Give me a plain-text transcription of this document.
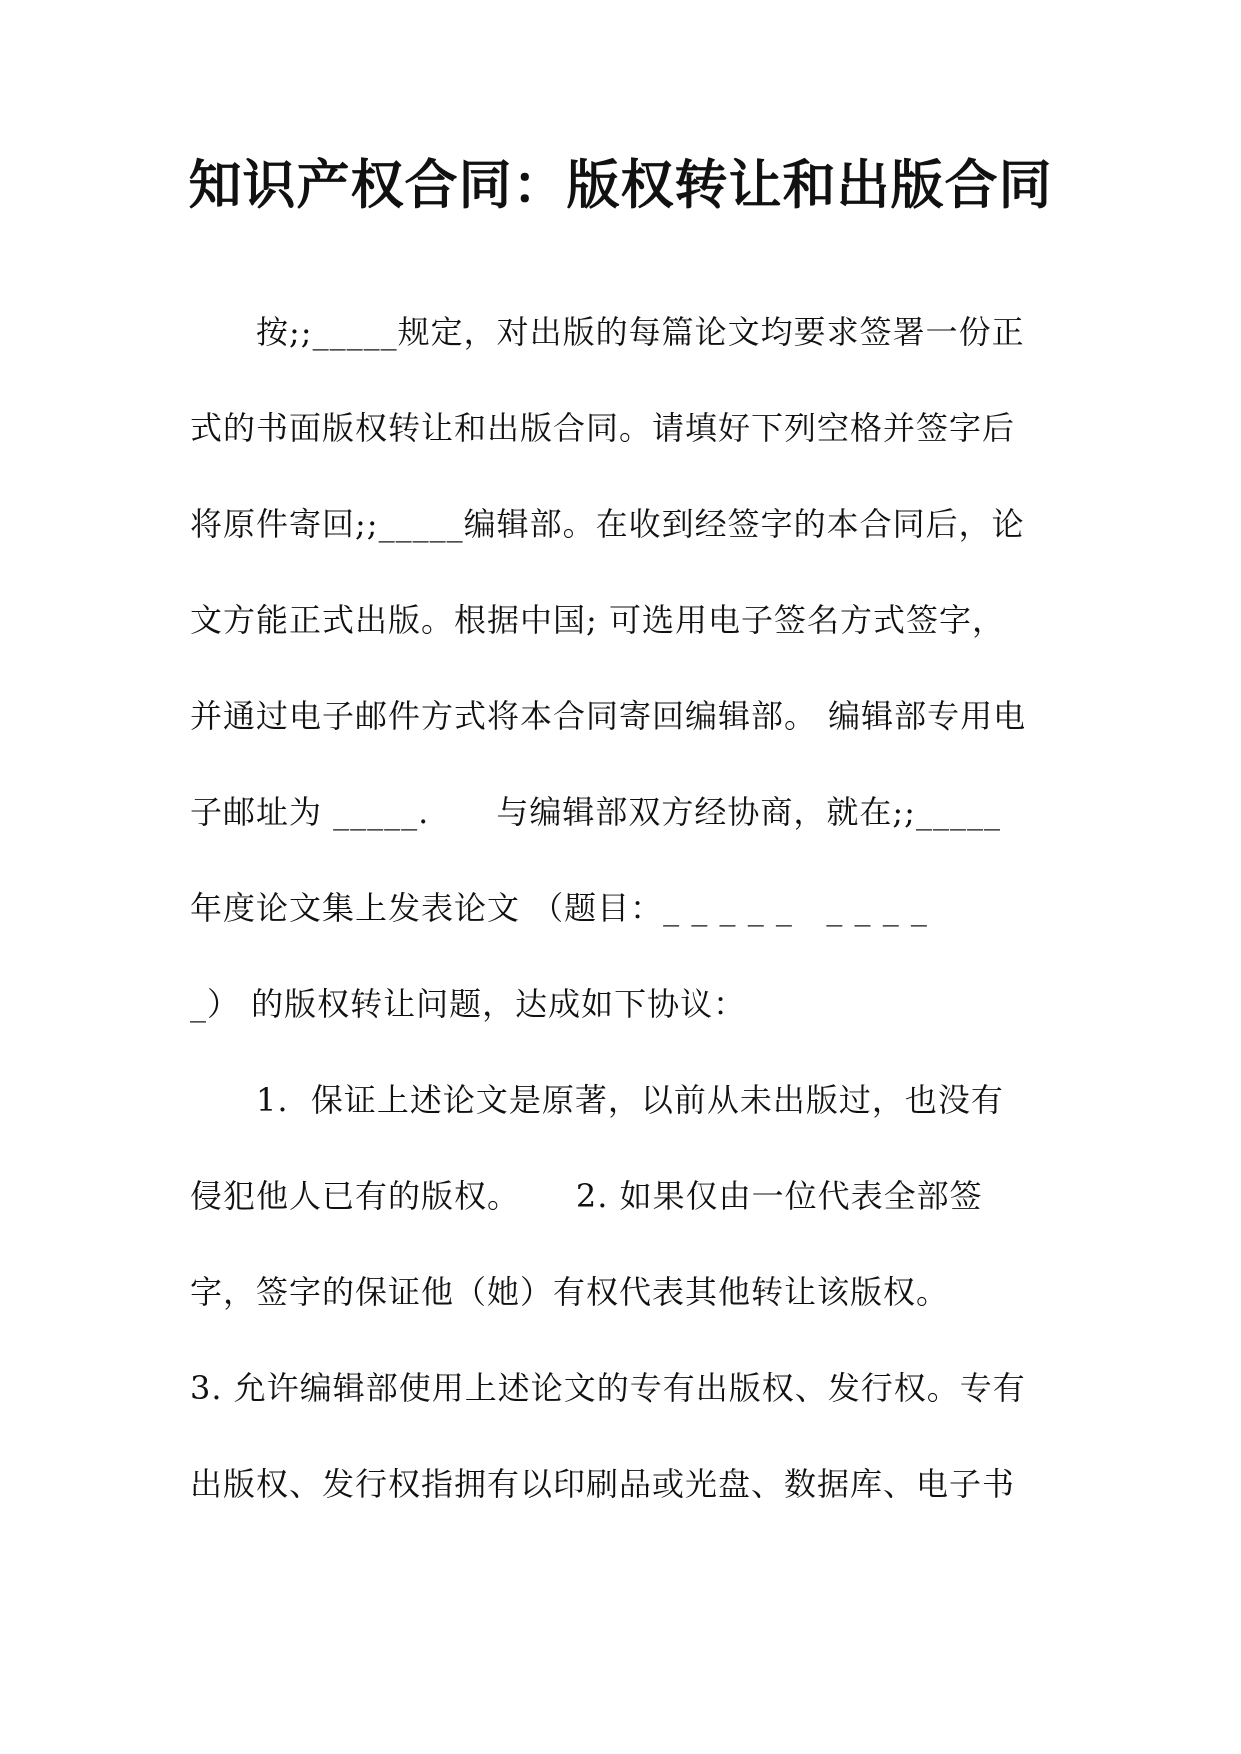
知识产权合同：版权转让和出版合同
　　按;;_____规定，对出版的每篇论文均要求签署一份正
式的书面版权转让和出版合同。请填好下列空格并签字后
将原件寄回;;_____编辑部。在收到经签字的本合同后，论
文方能正式出版。根据中国; 可选用电子签名方式签字，
并通过电子邮件方式将本合同寄回编辑部。 编辑部专用电
子邮址为 _____.      与编辑部双方经协商，就在;;_____
年度论文集上发表论文 （题目：_ _ _ _ _   _ _ _ _
_） 的版权转让问题，达成如下协议：
　　1.  保证上述论文是原著，以前从未出版过，也没有
侵犯他人已有的版权。     2. 如果仅由一位代表全部签
字，签字的保证他（她）有权代表其他转让该版权。
3. 允许编辑部使用上述论文的专有出版权、发行权。专有
出版权、发行权指拥有以印刷品或光盘、数据库、电子书
